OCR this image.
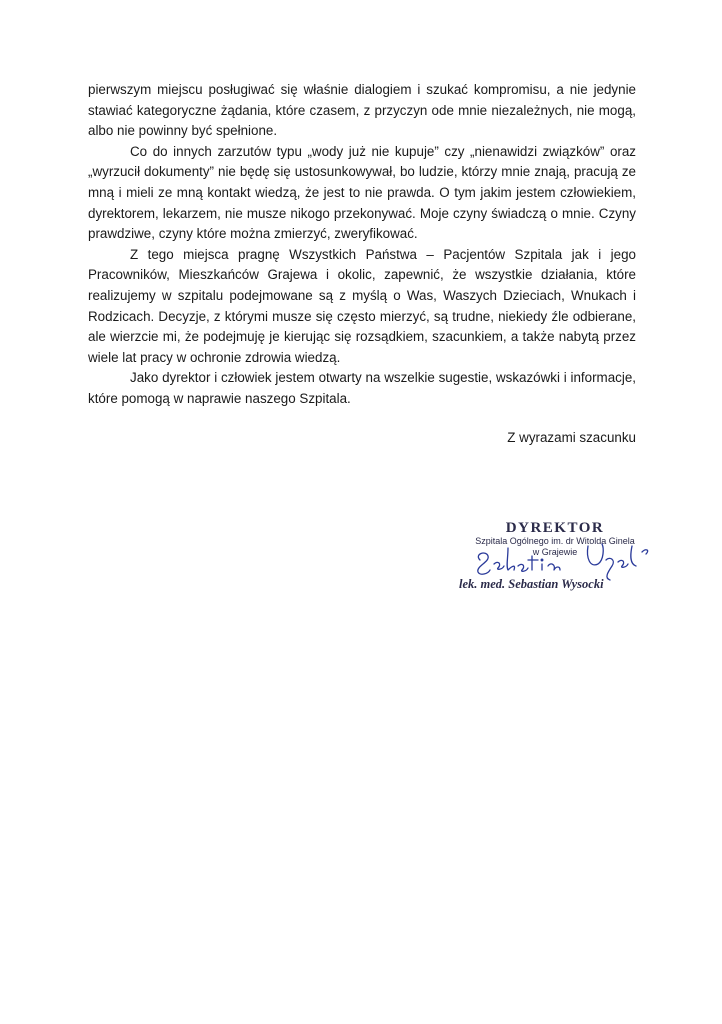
pierwszym miejscu posługiwać się właśnie dialogiem i szukać kompromisu, a nie jedynie stawiać kategoryczne żądania, które czasem, z przyczyn ode mnie niezależnych, nie mogą, albo nie powinny być spełnione.

Co do innych zarzutów typu „wody już nie kupuje” czy „nienawidzi związków” oraz „wyrzucił dokumenty” nie będę się ustosunkowywał, bo ludzie, którzy mnie znają, pracują ze mną i mieli ze mną kontakt wiedzą, że jest to nie prawda. O tym jakim jestem człowiekiem, dyrektorem, lekarzem, nie musze nikogo przekonywać. Moje czyny świadczą o mnie. Czyny prawdziwe, czyny które można zmierzyć, zweryfikować.

Z tego miejsca pragnę Wszystkich Państwa – Pacjentów Szpitala jak i jego Pracowników, Mieszkańców Grajewa i okolic, zapewnić, że wszystkie działania, które realizujemy w szpitalu podejmowane są z myślą o Was, Waszych Dzieciach, Wnukach i Rodzicach. Decyzje, z którymi musze się często mierzyć, są trudne, niekiedy źle odbierane, ale wierzcie mi, że podejmuję je kierując się rozsądkiem, szacunkiem, a także nabytą przez wiele lat pracy w ochronie zdrowia wiedzą.

Jako dyrektor i człowiek jestem otwarty na wszelkie sugestie, wskazówki i informacje, które pomogą w naprawie naszego Szpitala.

Z wyrazami szacunku
DYREKTOR
Szpitala Ogólnego im. dr Witolda Ginela
w Grajewie
lek. med. Sebastian Wysocki
